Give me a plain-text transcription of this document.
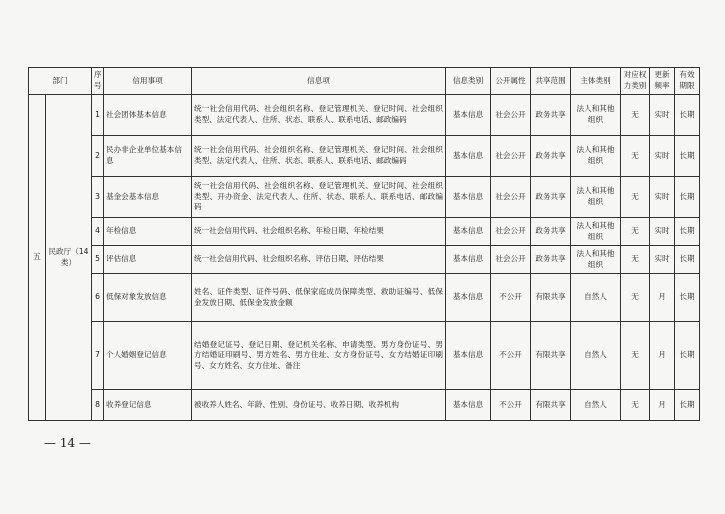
部门		序号	信用事项	信息项	信息类别	公开属性	共享范围	主体类别	对应权力类别	更新频率	有效期限
五	民政厅（14类）	1	社会团体基本信息	统一社会信用代码、社会组织名称、登记管理机关、登记时间、社会组织类型、法定代表人、住所、状态、联系人、联系电话、邮政编码	基本信息	社会公开	政务共享	法人和其他组织	无	实时	长期
		2	民办非企业单位基本信息	统一社会信用代码、社会组织名称、登记管理机关、登记时间、社会组织类型、法定代表人、住所、状态、联系人、联系电话、邮政编码	基本信息	社会公开	政务共享	法人和其他组织	无	实时	长期
		3	基金会基本信息	统一社会信用代码、社会组织名称、登记管理机关、登记时间、社会组织类型、开办资金、法定代表人、住所、状态、联系人、联系电话、邮政编码	基本信息	社会公开	政务共享	法人和其他组织	无	实时	长期
		4	年检信息	统一社会信用代码、社会组织名称、年检日期、年检结果	基本信息	社会公开	政务共享	法人和其他组织	无	实时	长期
		5	评估信息	统一社会信用代码、社会组织名称、评估日期、评估结果	基本信息	社会公开	政务共享	法人和其他组织	无	实时	长期
		6	低保对象发放信息	姓名、证件类型、证件号码、低保家庭成员保障类型、救助证编号、低保金发放日期、低保金发放金额	基本信息	不公开	有限共享	自然人	无	月	长期
		7	个人婚姻登记信息	结婚登记证号、登记日期、登记机关名称、申请类型、男方身份证号、男方结婚证印刷号、男方姓名、男方住址、女方身份证号、女方结婚证印刷号、女方姓名、女方住址、备注	基本信息	不公开	有限共享	自然人	无	月	长期
		8	收养登记信息	被收养人姓名、年龄、性别、身份证号、收养日期、收养机构	基本信息	不公开	有限共享	自然人	无	月	长期
— 14 —
